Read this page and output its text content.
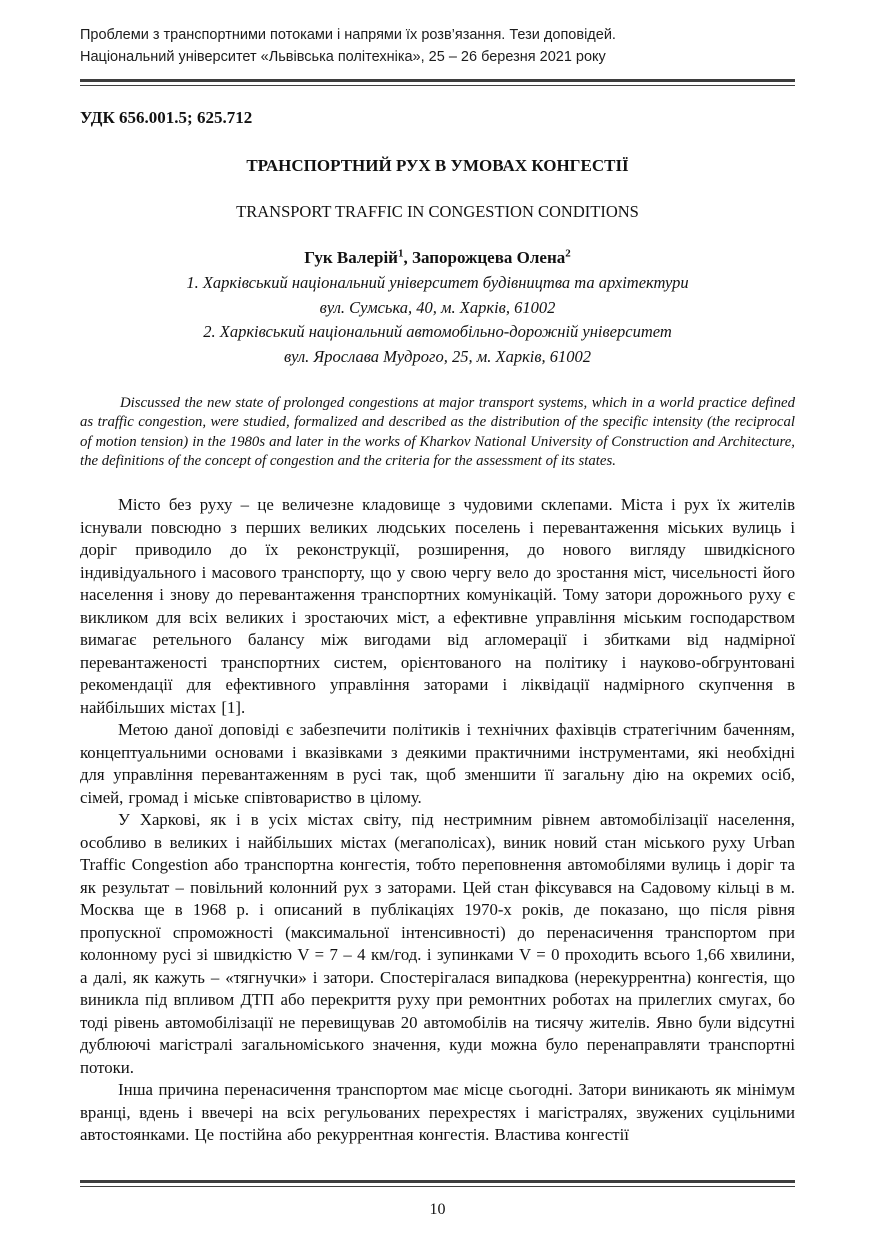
Проблеми з транспортними потоками і напрями їх розв’язання. Тези доповідей.
Національний університет «Львівська політехніка», 25 – 26 березня 2021 року

УДК 656.001.5; 625.712

ТРАНСПОРТНИЙ РУХ В УМОВАХ КОНГЕСТІЇ
TRANSPORT TRAFFIC IN CONGESTION CONDITIONS

Гук Валерій$^1$, Запорожцева Олена$^2$

1. Харківський національний університет будівництва та архітектури

вул. Сумська, 40, м. Харків, 61002

2. Харківський національний автомобільно-дорожній університет

вул. Ярослава Мудрого, 25, м. Харків, 61002

Discussed the new state of prolonged congestions at major transport systems, which in a world practice defined as traffic congestion, were studied, formalized and described as the distribution of the specific intensity (the reciprocal of motion tension) in the 1980s and later in the works of Kharkov National University of Construction and Architecture, the definitions of the concept of congestion and the criteria for the assessment of its states.

Місто без руху – це величезне кладовище з чудовими склепами. Міста і рух їх жителів існували повсюдно з перших великих людських поселень і перевантаження міських вулиць і доріг приводило до їх реконструкції, розширення, до нового вигляду швидкісного індивідуального і масового транспорту, що у свою чергу вело до зростання міст, чисельності його населення і знову до перевантаження транспортних комунікацій. Тому затори дорожнього руху є викликом для всіх великих і зростаючих міст, а ефективне управління міським господарством вимагає ретельного балансу між вигодами від агломерації і збитками від надмірної перевантаженості транспортних систем, орієнтованого на політику і науково-обгрунтовані рекомендації для ефективного управління заторами і ліквідації надмірного скупчення в найбільших містах [1].

Метою даної доповіді є забезпечити політиків і технічних фахівців стратегічним баченням, концептуальними основами і вказівками з деякими практичними інструментами, які необхідні для управління перевантаженням в русі так, щоб зменшити її загальну дію на окремих осіб, сімей, громад і міське співтовариство в цілому.

У Харкові, як і в усіх містах світу, під нестримним рівнем автомобілізації населення, особливо в великих і найбільших містах (мегаполісах), виник новий стан міського руху Urban Traffic Congestion або транспортна конгестія, тобто переповнення автомобілями вулиць і доріг та як результат – повільний колонний рух з заторами. Цей стан фіксувався на Садовому кільці в м. Москва ще в 1968 р. і описаний в публікаціях 1970-х років, де показано, що після рівня пропускної спроможності (максимальної інтенсивності) до перенасичення транспортом при колонному русі зі швидкістю V = 7 – 4 км/год. і зупинками V = 0 проходить всього 1,66 хвилини, а далі, як кажуть – «тягнучки» і затори. Спостерігалася випадкова (нерекуррентна) конгестія, що виникла під впливом ДТП або перекриття руху при ремонтних роботах на прилеглих смугах, бо тоді рівень автомобілізації не перевищував 20 автомобілів на тисячу жителів. Явно були відсутні дублюючі магістралі загальноміського значення, куди можна було перенаправляти транспортні потоки.

Інша причина перенасичення транспортом має місце сьогодні. Затори виникають як мінімум вранці, вдень і ввечері на всіх регульованих перехрестях і магістралях, звужених суцільними автостоянками. Це постійна або рекуррентная конгестія. Властива конгестії

10
